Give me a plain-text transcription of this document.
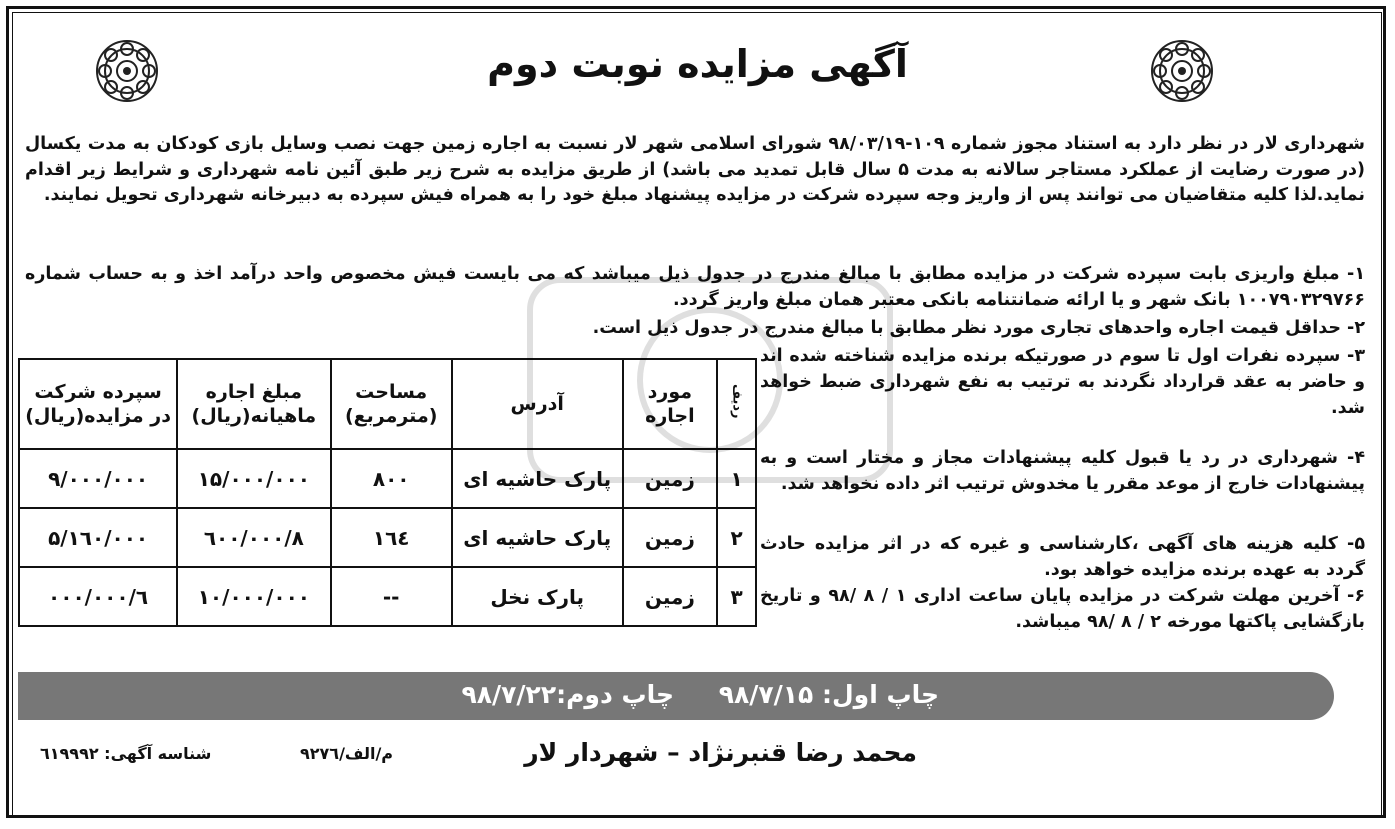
آگهی مزایده نوبت دوم
شهرداری لار در نظر دارد به استناد مجوز شماره ۱۰۹-۹۸/۰۳/۱۹ شورای اسلامی شهر لار نسبت به اجاره زمین جهت نصب وسایل بازی کودکان به مدت یکسال (در صورت رضایت از عملکرد مستاجر سالانه به مدت ۵ سال قابل تمدید می باشد) از طریق مزایده به شرح زیر طبق آئین نامه شهرداری و شرایط زیر اقدام نماید.لذا کلیه متقاضیان می توانند پس از واریز وجه سپرده شرکت در مزایده پیشنهاد مبلغ خود را به همراه فیش سپرده به دبیرخانه شهرداری تحویل نمایند.
۱- مبلغ واریزی بابت سپرده شرکت در مزایده مطابق با مبالغ مندرج در جدول ذیل میباشد که می بایست فیش مخصوص واحد درآمد اخذ و به حساب شماره ۱۰۰۷۹۰۳۲۹۷۶۶ بانک شهر و یا ارائه ضمانتنامه بانکی معتبر همان مبلغ واریز گردد.
۲- حداقل قیمت اجاره واحدهای تجاری مورد نظر مطابق با مبالغ مندرج در جدول ذیل است.
۳- سپرده نفرات اول تا سوم در صورتیکه برنده مزایده شناخته شده اند و حاضر به عقد قرارداد نگردند به ترتیب به نفع شهرداری ضبط خواهد شد.
۴- شهرداری در رد یا قبول کلیه پیشنهادات مجاز و مختار است و به پیشنهادات خارج از موعد مقرر یا مخدوش ترتیب اثر داده نخواهد شد.
۵- کلیه هزینه های آگهی ،کارشناسی و غیره که در اثر مزایده حادث گردد به عهده برنده مزایده خواهد بود.
۶- آخرین مهلت شرکت در مزایده پایان ساعت اداری ۱ / ۸ /۹۸ و تاریخ بازگشایی پاکتها مورخه ۲ / ۸ /۹۸ میباشد.
ردیف	مورد اجاره	آدرس	مساحت (مترمربع)	مبلغ اجاره ماهیانه(ریال)	سپرده شرکت در مزایده(ریال)
۱	زمین	پارک حاشیه ای	۸۰۰	۱۵/۰۰۰/۰۰۰	۹/۰۰۰/۰۰۰
۲	زمین	پارک حاشیه ای	۱٦٤	۸/٦۰۰/۰۰۰	۵/۱٦۰/۰۰۰
۳	زمین	پارک نخل	--	۱۰/۰۰۰/۰۰۰	٦/۰۰۰/۰۰۰
چاپ اول: ۹۸/۷/۱۵
چاپ دوم:۹۸/۷/۲۲
محمد رضا قنبرنژاد – شهردار لار
م/الف/۹۲۷٦
شناسه آگهی: ٦۱۹۹۹۲
